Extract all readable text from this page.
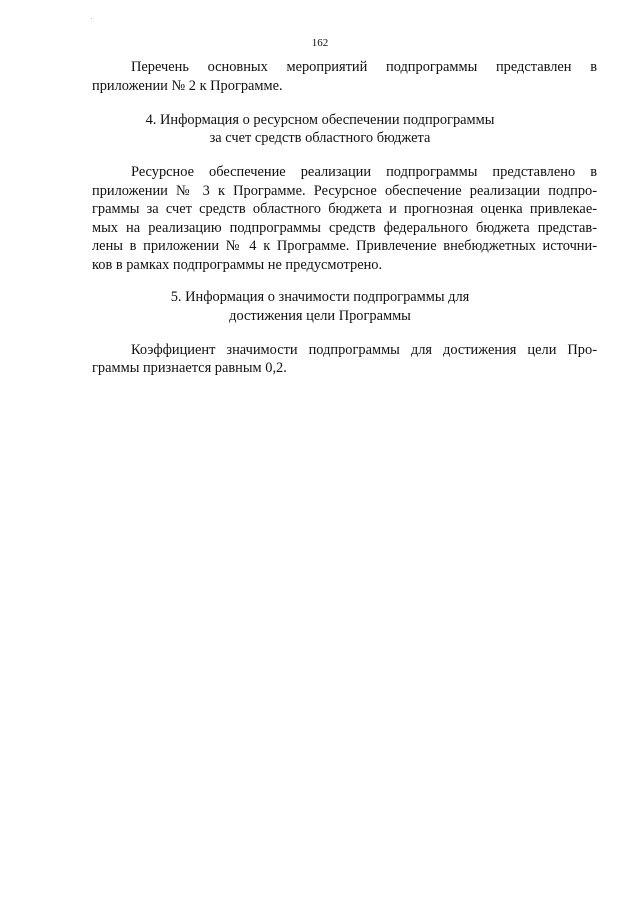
162
Перечень основных мероприятий подпрограммы представлен в
приложении № 2 к Программе.
4. Информация о ресурсном обеспечении подпрограммы
за счет средств областного бюджета
Ресурсное обеспечение реализации подпрограммы представлено в
приложении № 3 к Программе. Ресурсное обеспечение реализации подпро-
граммы за счет средств областного бюджета и прогнозная оценка привлекае-
мых на реализацию подпрограммы средств федерального бюджета представ-
лены в приложении № 4 к Программе. Привлечение внебюджетных источни-
ков в рамках подпрограммы не предусмотрено.
5. Информация о значимости подпрограммы для
достижения цели Программы
Коэффициент значимости подпрограммы для достижения цели Про-
граммы признается равным 0,2.
